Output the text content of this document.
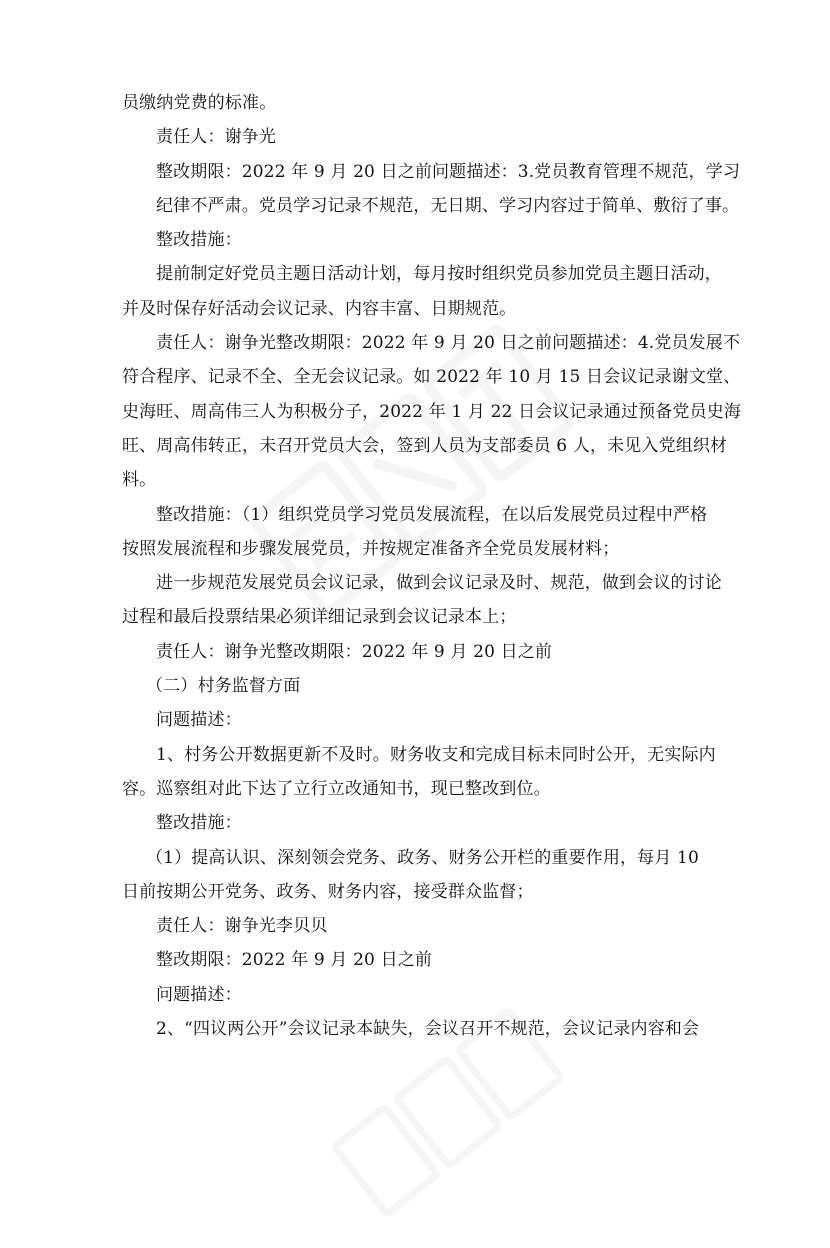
员缴纳党费的标准。
责任人：谢争光
整改期限：2022 年 9 月 20 日之前问题描述：3.党员教育管理不规范，学习
纪律不严肃。党员学习记录不规范，无日期、学习内容过于简单、敷衍了事。
整改措施：
提前制定好党员主题日活动计划，每月按时组织党员参加党员主题日活动，
并及时保存好活动会议记录、内容丰富、日期规范。
责任人：谢争光整改期限：2022 年 9 月 20 日之前问题描述：4.党员发展不
符合程序、记录不全、全无会议记录。如 2022 年 10 月 15 日会议记录谢文堂、
史海旺、周高伟三人为积极分子，2022 年 1 月 22 日会议记录通过预备党员史海
旺、周高伟转正，未召开党员大会，签到人员为支部委员 6 人，未见入党组织材
料。
整改措施：（1）组织党员学习党员发展流程，在以后发展党员过程中严格
按照发展流程和步骤发展党员，并按规定准备齐全党员发展材料；
进一步规范发展党员会议记录，做到会议记录及时、规范，做到会议的讨论
过程和最后投票结果必须详细记录到会议记录本上；
责任人：谢争光整改期限：2022 年 9 月 20 日之前
（二）村务监督方面
问题描述：
1、村务公开数据更新不及时。财务收支和完成目标未同时公开，无实际内
容。巡察组对此下达了立行立改通知书，现已整改到位。
整改措施：
（1）提高认识、深刻领会党务、政务、财务公开栏的重要作用，每月 10
日前按期公开党务、政务、财务内容，接受群众监督；
责任人：谢争光李贝贝
整改期限：2022 年 9 月 20 日之前
问题描述：
2、“四议两公开”会议记录本缺失，会议召开不规范，会议记录内容和会
